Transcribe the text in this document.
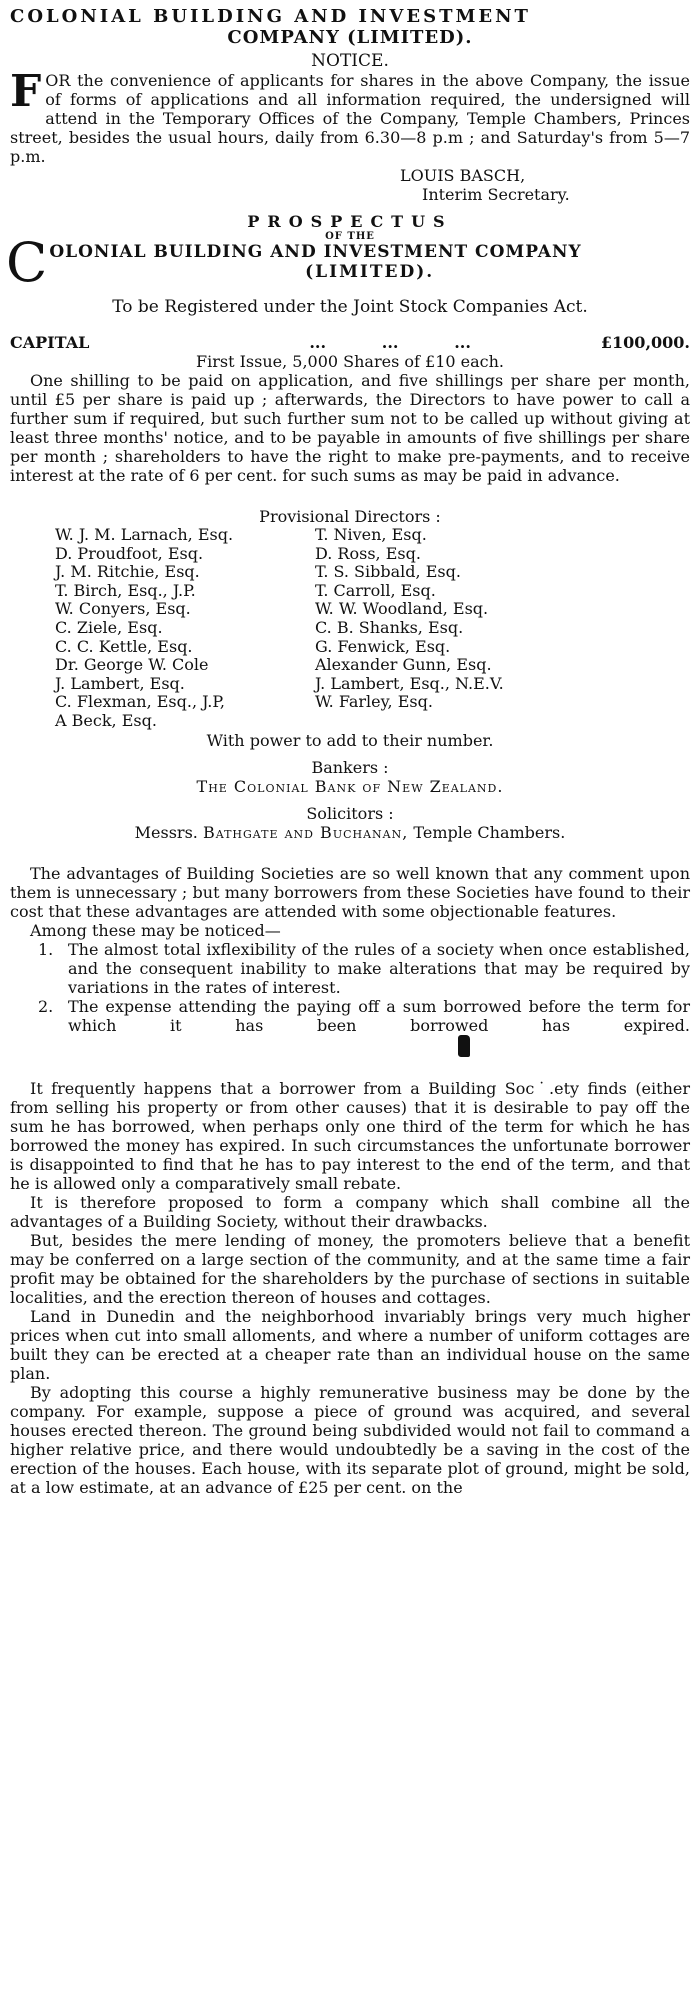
COLONIAL BUILDING AND INVESTMENT
COMPANY (LIMITED).
NOTICE.
F OR the convenience of applicants for shares in the above Company, the issue of forms of applications and all information required, the undersigned will attend in the Temporary Offices of the Company, Temple Chambers, Princes street, besides the usual hours, daily from 6.30—8 p.m ; and Saturday's from 5—7 p.m.
LOUIS BASCH,
Interim Secretary.
PROSPECTUS
OF THE
C OLONIAL BUILDING AND INVESTMENT COMPANY
(LIMITED).
To be Registered under the Joint Stock Companies Act.
CAPITAL	...          ...          ...	£100,000.
First Issue, 5,000 Shares of £10 each.
One shilling to be paid on application, and five shillings per share per month, until £5 per share is paid up ; afterwards, the Directors to have power to call a further sum if required, but such further sum not to be called up without giving at least three months' notice, and to be payable in amounts of five shillings per share per month ; shareholders to have the right to make pre-payments, and to receive interest at the rate of 6 per cent. for such sums as may be paid in advance.
Provisional Directors :
W. J. M. Larnach, Esq.	T. Niven, Esq.
D. Proudfoot, Esq.	D. Ross, Esq.
J. M. Ritchie, Esq.	T. S. Sibbald, Esq.
T. Birch, Esq., J.P.	T. Carroll, Esq.
W. Conyers, Esq.	W. W. Woodland, Esq.
C. Ziele, Esq.	C. B. Shanks, Esq.
C. C. Kettle, Esq.	G. Fenwick, Esq.
Dr. George W. Cole	Alexander Gunn, Esq.
J. Lambert, Esq.	J. Lambert, Esq., N.E.V.
C. Flexman, Esq., J.P,	W. Farley, Esq.
A Beck, Esq.	
With power to add to their number.
Bankers :
The Colonial Bank of New Zealand.
Solicitors :
Messrs. Bathgate and Buchanan, Temple Chambers.
The advantages of Building Societies are so well known that any comment upon them is unnecessary ; but many borrowers from these Societies have found to their cost that these advantages are attended with some objectionable features.
Among these may be noticed—
1. The almost total ixflexibility of the rules of a society when once established, and the consequent inability to make alterations that may be required by variations in the rates of interest.
2. The expense attending the paying off a sum borrowed before the term for which it has been borrowed has expired.
It frequently happens that a borrower from a Building Soc˙.ety finds (either from selling his property or from other causes) that it is desirable to pay off the sum he has borrowed, when perhaps only one third of the term for which he has borrowed the money has expired. In such circumstances the unfortunate borrower is disappointed to find that he has to pay interest to the end of the term, and that he is allowed only a comparatively small rebate.
It is therefore proposed to form a company which shall combine all the advantages of a Building Society, without their drawbacks.
But, besides the mere lending of money, the promoters believe that a benefit may be conferred on a large section of the community, and at the same time a fair profit may be obtained for the shareholders by the purchase of sections in suitable localities, and the erection thereon of houses and cottages.
Land in Dunedin and the neighborhood invariably brings very much higher prices when cut into small alloments, and where a number of uniform cottages are built they can be erected at a cheaper rate than an individual house on the same plan.
By adopting this course a highly remunerative business may be done by the company. For example, suppose a piece of ground was acquired, and several houses erected thereon. The ground being subdivided would not fail to command a higher relative price, and there would undoubtedly be a saving in the cost of the erection of the houses. Each house, with its separate plot of ground, might be sold, at a low estimate, at an advance of £25 per cent. on the
